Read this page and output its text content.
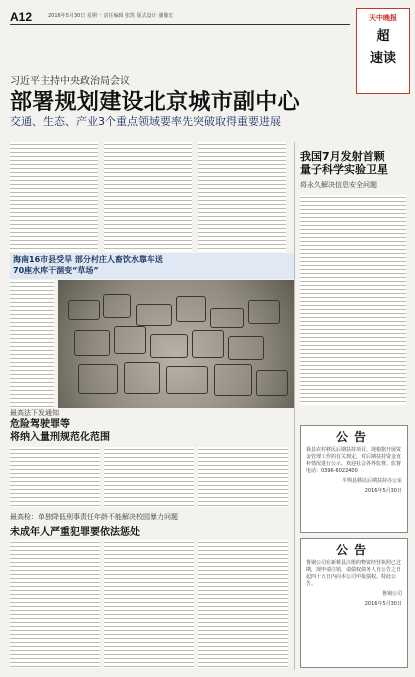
A12	2016年5月30日 星期一 责任编辑 张凯 版式设计 潘豫宏	天中晚报
超
速读
习近平主持中央政治局会议
部署规划建设北京城市副中心
交通、生态、产业3个重点领域要率先突破取得重要进展
我国7月发射首颗
量子科学实验卫星
将永久解决信息安全问题
海南16市县受旱 部分村庄人畜饮水靠车送
70座水库干涸变“草场”
最高法下发通知
危险驾驶罪等
将纳入量刑规范化范围
最高检：单独降低刑事责任年龄不能解决校园暴力问题
未成年人严重犯罪要依法惩处
公告
我县农村移民后期扶持项目，现根据开展资金管理工作的有关规定，对后期扶持资金直补情况进行公示，欢迎社会各界监督。监督电话：0396-6022400
平舆县移民后期扶持办公室
2016年5月30日
公告
鲁钢公司在新蔡县注册的物资经营执照已过期，现申请注销，请债权债务人自公告之日起四十五日内向本公司申报债权。特此公告。
鲁钢公司
2016年5月30日
